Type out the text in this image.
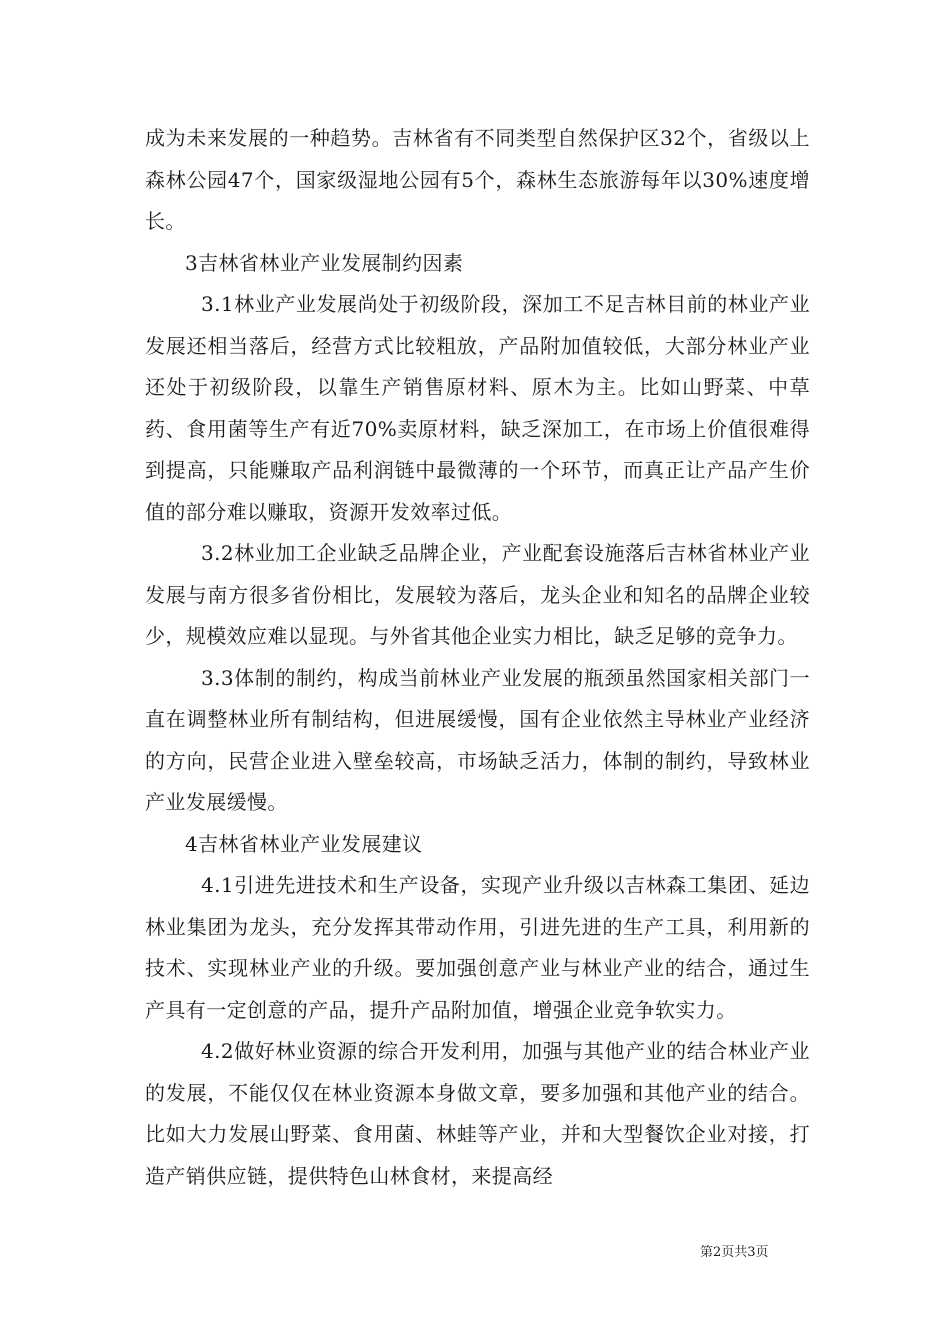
成为未来发展的一种趋势。吉林省有不同类型自然保护区32个，省级以上森林公园47个，国家级湿地公园有5个，森林生态旅游每年以30%速度增长。

3吉林省林业产业发展制约因素

3.1林业产业发展尚处于初级阶段，深加工不足吉林目前的林业产业发展还相当落后，经营方式比较粗放，产品附加值较低，大部分林业产业还处于初级阶段，以靠生产销售原材料、原木为主。比如山野菜、中草药、食用菌等生产有近70%卖原材料，缺乏深加工，在市场上价值很难得到提高，只能赚取产品利润链中最微薄的一个环节，而真正让产品产生价值的部分难以赚取，资源开发效率过低。

3.2林业加工企业缺乏品牌企业，产业配套设施落后吉林省林业产业发展与南方很多省份相比，发展较为落后，龙头企业和知名的品牌企业较少，规模效应难以显现。与外省其他企业实力相比，缺乏足够的竞争力。

3.3体制的制约，构成当前林业产业发展的瓶颈虽然国家相关部门一直在调整林业所有制结构，但进展缓慢，国有企业依然主导林业产业经济的方向，民营企业进入壁垒较高，市场缺乏活力，体制的制约，导致林业产业发展缓慢。

4吉林省林业产业发展建议

4.1引进先进技术和生产设备，实现产业升级以吉林森工集团、延边林业集团为龙头，充分发挥其带动作用，引进先进的生产工具，利用新的技术、实现林业产业的升级。要加强创意产业与林业产业的结合，通过生产具有一定创意的产品，提升产品附加值，增强企业竞争软实力。

4.2做好林业资源的综合开发利用，加强与其他产业的结合林业产业的发展，不能仅仅在林业资源本身做文章，要多加强和其他产业的结合。比如大力发展山野菜、食用菌、林蛙等产业，并和大型餐饮企业对接，打造产销供应链，提供特色山林食材，来提高经

第2页共3页
